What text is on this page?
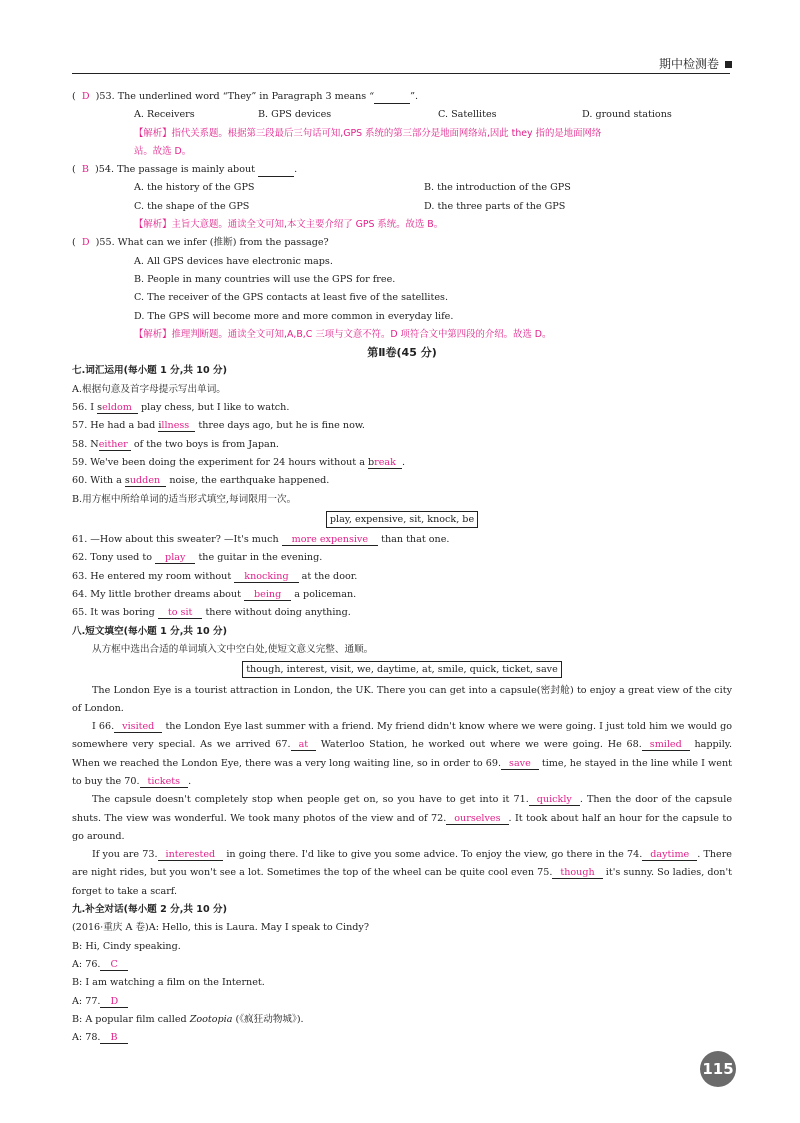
期中检测卷
(  D )53. The underlined word “They” in Paragraph 3 means “	”.
A. Receivers	B. GPS devices	C. Satellites	D. ground stations
【解析】指代关系题。根据第三段最后三句话可知,GPS 系统的第三部分是地面网络站,因此 they 指的是地面网络
站。故选 D。
(  B )54. The passage is mainly about	.
A. the history of the GPS	B. the introduction of the GPS
C. the shape of the GPS	D. the three parts of the GPS
【解析】主旨大意题。通读全文可知,本文主要介绍了 GPS 系统。故选 B。
(  D )55. What can we infer (推断) from the passage?
A. All GPS devices have electronic maps.
B. People in many countries will use the GPS for free.
C. The receiver of the GPS contacts at least five of the satellites.
D. The GPS will become more and more common in everyday life.
【解析】推理判断题。通读全文可知,A,B,C 三项与文意不符。D 项符合文中第四段的介绍。故选 D。
第Ⅱ卷(45 分)
七.词汇运用(每小题 1 分,共 10 分)
A.根据句意及首字母提示写出单词。
56. I seldom   play chess, but I like to watch.
57. He had a bad illness   three days ago, but he is fine now.
58. Neither  of the two boys is from Japan.
59. We've been doing the experiment for 24 hours without a break .
60. With a sudden   noise, the earthquake happened.
B.用方框中所给单词的适当形式填空,每词限用一次。
play, expensive, sit, knock, be
61. —How about this sweater? —It's much more expensive than that one.
62. Tony used to play the guitar in the evening.
63. He entered my room without knocking at the door.
64. My little brother dreams about being a policeman.
65. It was boring to sit there without doing anything.
八.短文填空(每小题 1 分,共 10 分)
从方框中选出合适的单词填入文中空白处,使短文意义完整、通顺。
though, interest, visit, we, daytime, at, smile, quick, ticket, save
The London Eye is a tourist attraction in London, the UK. There you can get into a capsule(密封舱) to enjoy a great view of the city of London.
I 66. visited the London Eye last summer with a friend. My friend didn't know where we were going. I just told him we would go somewhere very special. As we arrived 67. at Waterloo Station, he worked out where we were going. He 68. smiled happily. When we reached the London Eye, there was a very long waiting line, so in order to 69. save time, he stayed in the line while I went to buy the 70. tickets .
The capsule doesn't completely stop when people get on, so you have to get into it 71. quickly . Then the door of the capsule shuts. The view was wonderful. We took many photos of the view and of 72. ourselves . It took about half an hour for the capsule to go around.
If you are 73. interested in going there. I'd like to give you some advice. To enjoy the view, go there in the 74. daytime . There are night rides, but you won't see a lot. Sometimes the top of the wheel can be quite cool even 75. though it's sunny. So ladies, don't forget to take a scarf.
九.补全对话(每小题 2 分,共 10 分)
(2016·重庆 A 卷)A: Hello, this is Laura. May I speak to Cindy?
B: Hi, Cindy speaking.
A: 76. C
B: I am watching a film on the Internet.
A: 77. D
B: A popular film called Zootopia (《疯狂动物城》).
A: 78. B
115
